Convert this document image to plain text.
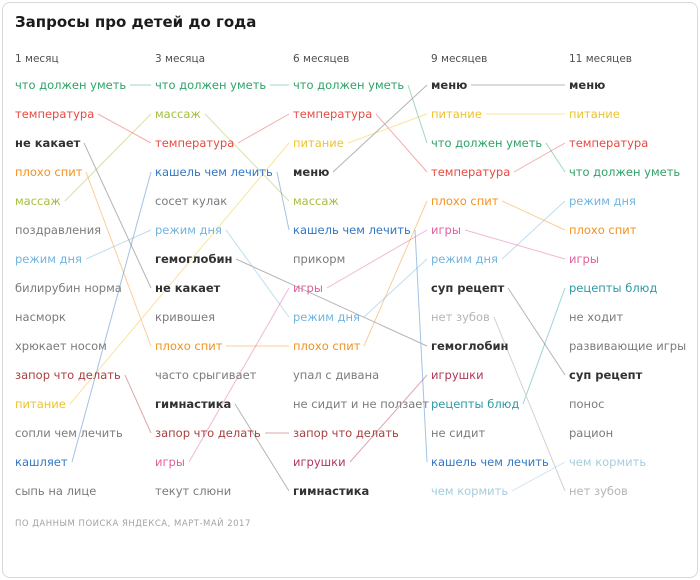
Запросы про детей до года
1 месяц
что должен уметь
температура
не какает
плохо спит
массаж
поздравления
режим дня
билирубин норма
насморк
хрюкает носом
запор что делать
питание
сопли чем лечить
кашляет
сыпь на лице
3 месяца
что должен уметь
массаж
температура
кашель чем лечить
сосет кулак
режим дня
гемоглобин
не какает
кривошея
плохо спит
часто срыгивает
гимнастика
запор что делать
игры
текут слюни
6 месяцев
что должен уметь
температура
питание
меню
массаж
кашель чем лечить
прикорм
игры
режим дня
плохо спит
упал с дивана
не сидит и не ползает
запор что делать
игрушки
гимнастика
9 месяцев
меню
питание
что должен уметь
температура
плохо спит
игры
режим дня
суп рецепт
нет зубов
гемоглобин
игрушки
рецепты блюд
не сидит
кашель чем лечить
чем кормить
11 месяцев
меню
питание
температура
что должен уметь
режим дня
плохо спит
игры
рецепты блюд
не ходит
развивающие игры
суп рецепт
понос
рацион
чем кормить
нет зубов
ПО ДАННЫМ ПОИСКА ЯНДЕКСА, МАРТ-МАЙ 2017
